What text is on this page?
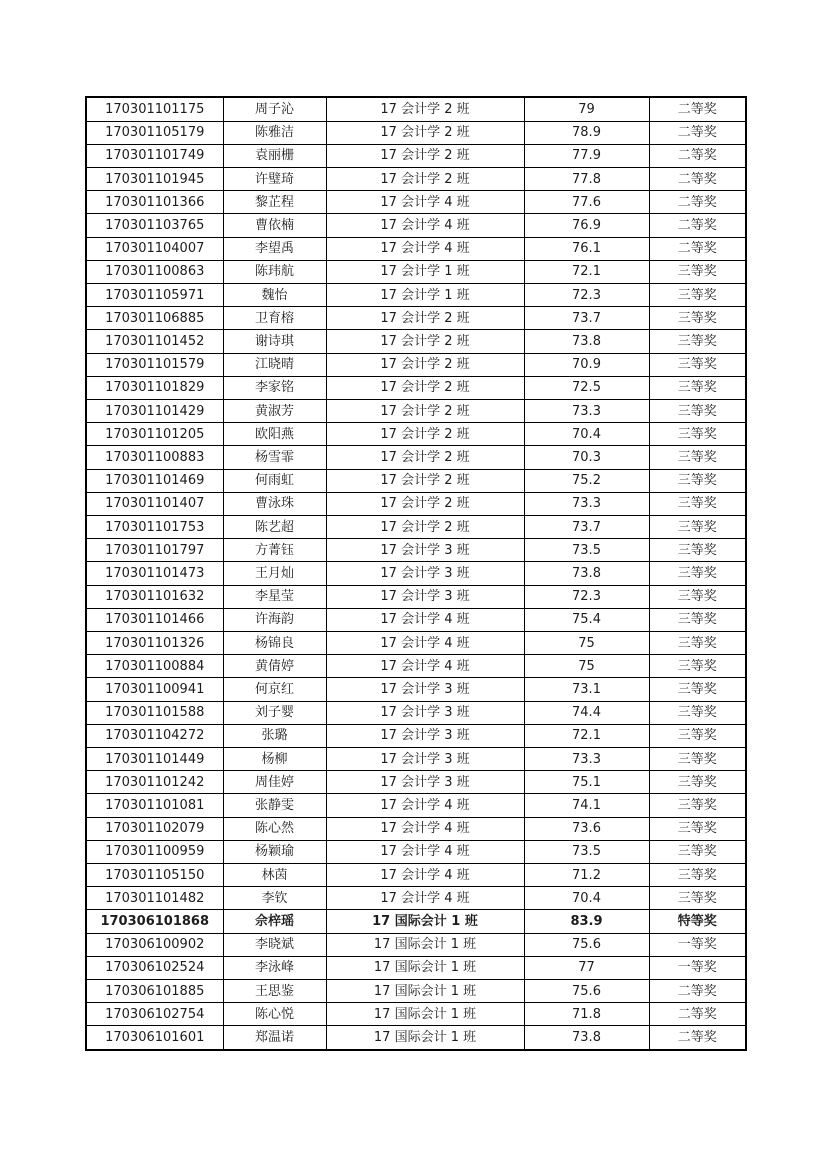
170301101175	周子沁	17 会计学 2 班	79	二等奖
170301105179	陈雅洁	17 会计学 2 班	78.9	二等奖
170301101749	袁丽栅	17 会计学 2 班	77.9	二等奖
170301101945	许璧琦	17 会计学 2 班	77.8	二等奖
170301101366	黎芷程	17 会计学 4 班	77.6	二等奖
170301103765	曹依楠	17 会计学 4 班	76.9	二等奖
170301104007	李望禹	17 会计学 4 班	76.1	二等奖
170301100863	陈玮航	17 会计学 1 班	72.1	三等奖
170301105971	魏怡	17 会计学 1 班	72.3	三等奖
170301106885	卫育榕	17 会计学 2 班	73.7	三等奖
170301101452	谢诗琪	17 会计学 2 班	73.8	三等奖
170301101579	江晓晴	17 会计学 2 班	70.9	三等奖
170301101829	李家铭	17 会计学 2 班	72.5	三等奖
170301101429	黄淑芳	17 会计学 2 班	73.3	三等奖
170301101205	欧阳燕	17 会计学 2 班	70.4	三等奖
170301100883	杨雪霏	17 会计学 2 班	70.3	三等奖
170301101469	何雨虹	17 会计学 2 班	75.2	三等奖
170301101407	曹泳珠	17 会计学 2 班	73.3	三等奖
170301101753	陈艺超	17 会计学 2 班	73.7	三等奖
170301101797	方菁钰	17 会计学 3 班	73.5	三等奖
170301101473	王月灿	17 会计学 3 班	73.8	三等奖
170301101632	李星莹	17 会计学 3 班	72.3	三等奖
170301101466	许海韵	17 会计学 4 班	75.4	三等奖
170301101326	杨锦良	17 会计学 4 班	75	三等奖
170301100884	黄倩婷	17 会计学 4 班	75	三等奖
170301100941	何京红	17 会计学 3 班	73.1	三等奖
170301101588	刘子婴	17 会计学 3 班	74.4	三等奖
170301104272	张璐	17 会计学 3 班	72.1	三等奖
170301101449	杨柳	17 会计学 3 班	73.3	三等奖
170301101242	周佳婷	17 会计学 3 班	75.1	三等奖
170301101081	张静雯	17 会计学 4 班	74.1	三等奖
170301102079	陈心然	17 会计学 4 班	73.6	三等奖
170301100959	杨颖瑜	17 会计学 4 班	73.5	三等奖
170301105150	林茵	17 会计学 4 班	71.2	三等奖
170301101482	李钦	17 会计学 4 班	70.4	三等奖
170306101868	佘梓瑶	17 国际会计 1 班	83.9	特等奖
170306100902	李晓斌	17 国际会计 1 班	75.6	一等奖
170306102524	李泳峰	17 国际会计 1 班	77	一等奖
170306101885	王思鉴	17 国际会计 1 班	75.6	二等奖
170306102754	陈心悦	17 国际会计 1 班	71.8	二等奖
170306101601	郑温诺	17 国际会计 1 班	73.8	二等奖
